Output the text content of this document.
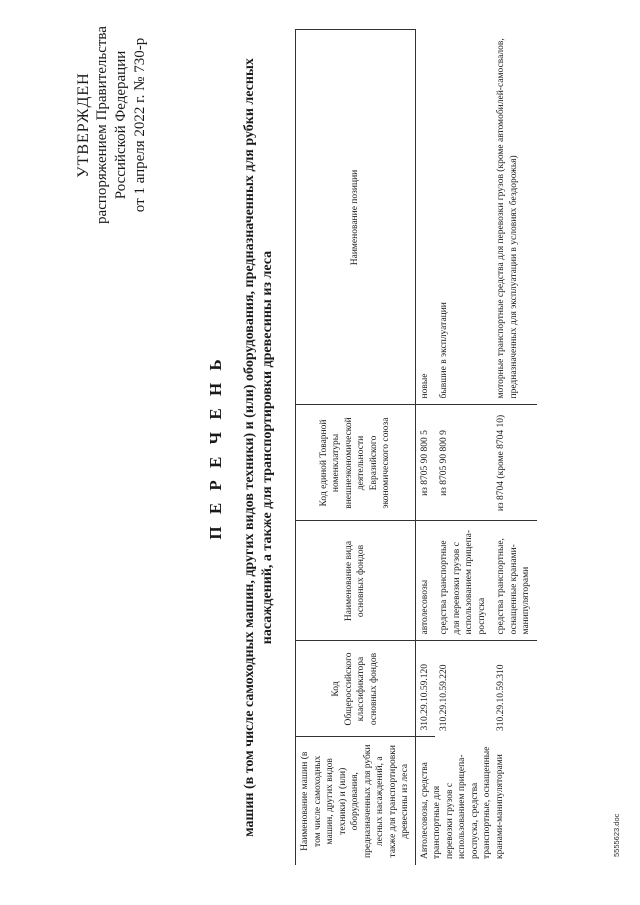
УТВЕРЖДЕН распоряжением Правительства Российской Федерации от 1 апреля 2022 г. № 730-р
П Е Р Е Ч Е Н Ь машин (в том числе самоходных машин, других видов техники) и (или) оборудования, предназначенных для рубки лесных насаждений, а также для транспортировки древесины из леса
Наименование машин (в том числе самоходных машин, других видов техники) и (или) оборудования, предназначенных для рубки лесных насаждений, а также для транспортировки древесины из леса	Код Общероссийского классификатора основных фондов	Наименование вида основных фондов	Код единой Товарной номенклатуры внешнеэкономической деятельности Евразийского экономического союза	Наименование позиции
Автолесовозы, средства транспортные для перевозки грузов с использованием прицепа-роспуска, средства транспортные, оснащенные кранами-манипуляторами	310.29.10.59.120	автолесовозы	из 8705 90 800 5	новые
	310.29.10.59.220	средства транспортные для перевозки грузов с использованием прицепа-роспуска	из 8705 90 800 9	бывшие в эксплуатации
	310.29.10.59.310	средства транспортные, оснащенные кранами-манипуляторами	из 8704 (кроме 8704 10)	моторные транспортные средства для перевозки грузов (кроме автомобилей-самосвалов, предназначенных для эксплуатации в условиях бездорожья)
5555623.doc
